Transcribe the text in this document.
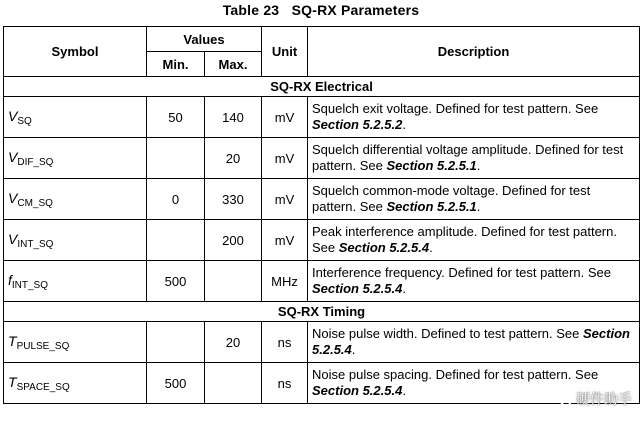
Table 23 SQ-RX Parameters
Symbol	Values		Unit	Description
	Min.	Max.		
SQ-RX Electrical				
$V_{SQ}$	50	140	mV	Squelch exit voltage. Defined for test pattern. See Section 5.2.5.2.
$V_{DIF\_SQ}$		20	mV	Squelch differential voltage amplitude. Defined for test pattern. See Section 5.2.5.1.
$V_{CM\_SQ}$	0	330	mV	Squelch common-mode voltage. Defined for test pattern. See Section 5.2.5.1.
$V_{INT\_SQ}$		200	mV	Peak interference amplitude. Defined for test pattern. See Section 5.2.5.4.
$f_{INT\_SQ}$	500		MHz	Interference frequency. Defined for test pattern. See Section 5.2.5.4.
SQ-RX Timing				
$T_{PULSE\_SQ}$		20	ns	Noise pulse width. Defined to test pattern. See Section 5.2.5.4.
$T_{SPACE\_SQ}$	500		ns	Noise pulse spacing. Defined for test pattern. See Section 5.2.5.4.
硬件助手
